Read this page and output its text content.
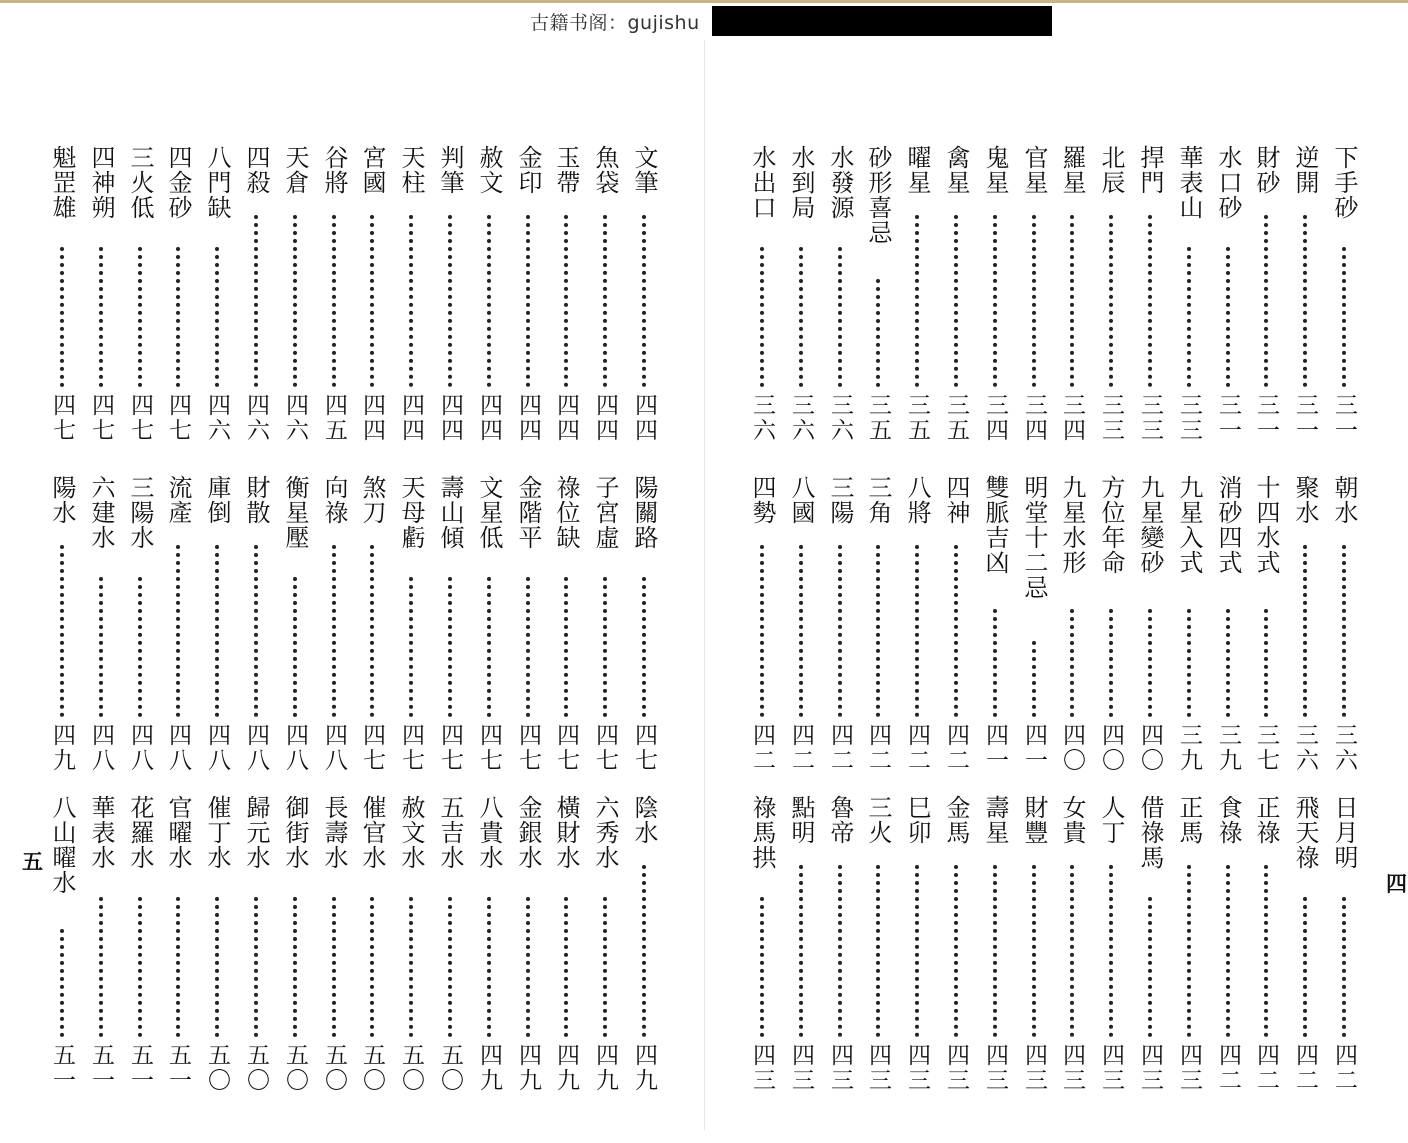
古籍书阁：gujishu
下手砂
三一
逆開
三一
財砂
三一
水口砂
三一
華表山
三三
捍門
三三
北辰
三三
羅星
三四
官星
三四
鬼星
三四
禽星
三五
曜星
三五
砂形喜忌
三五
水發源
三六
水到局
三六
水出口
三六
朝水
三六
聚水
三六
十四水式
三七
消砂四式
三九
九星入式
三九
九星變砂
四〇
方位年命
四〇
九星水形
四〇
明堂十二忌
四一
雙脈吉凶
四一
四神
四二
八將
四二
三角
四二
三陽
四二
八國
四二
四勢
四二
日月明
四二
飛天祿
四二
正祿
四二
食祿
四二
正馬
四三
借祿馬
四三
人丁
四三
女貴
四三
財豐
四三
壽星
四三
金馬
四三
巳卯
四三
三火
四三
魯帝
四三
點明
四三
祿馬拱
四三
文筆
四四
魚袋
四四
玉帶
四四
金印
四四
赦文
四四
判筆
四四
天柱
四四
宮國
四四
谷將
四五
天倉
四六
四殺
四六
八門缺
四六
四金砂
四七
三火低
四七
四神朔
四七
魁罡雄
四七
陽關路
四七
子宮虛
四七
祿位缺
四七
金階平
四七
文星低
四七
壽山傾
四七
天母虧
四七
煞刀
四七
向祿
四八
衡星壓
四八
財散
四八
庫倒
四八
流產
四八
三陽水
四八
六建水
四八
陽水
四九
陰水
四九
六秀水
四九
橫財水
四九
金銀水
四九
八貴水
四九
五吉水
五〇
赦文水
五〇
催官水
五〇
長壽水
五〇
御街水
五〇
歸元水
五〇
催丁水
五〇
官曜水
五一
花羅水
五一
華表水
五一
八山曜水
五一
五
四
